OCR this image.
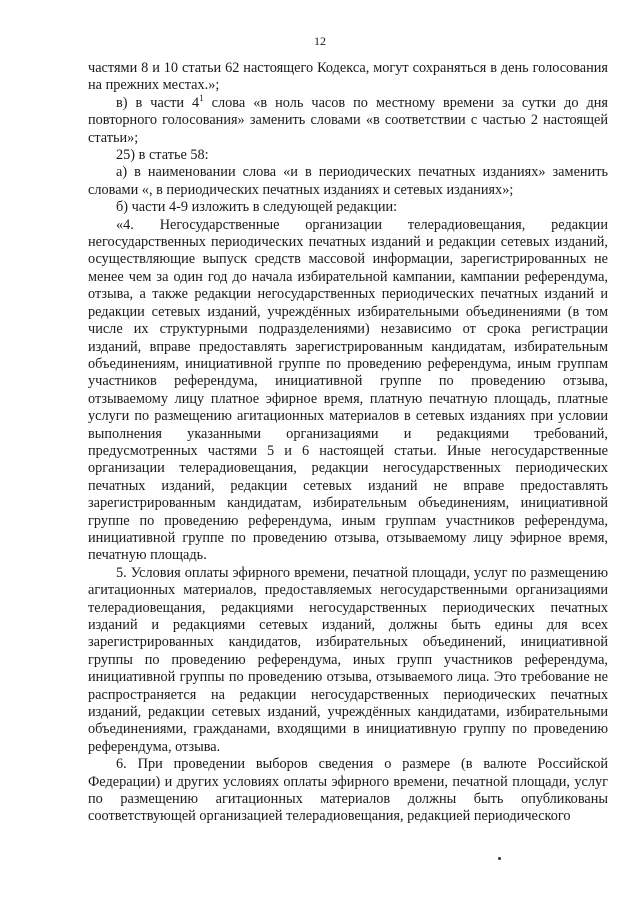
12

частями 8 и 10 статьи 62 настоящего Кодекса, могут сохраняться в день голосования на прежних местах.»;

в) в части $4^1$ слова «в ноль часов по местному времени за сутки до дня повторного голосования» заменить словами «в соответствии с частью 2 настоящей статьи»;

25) в статье 58:

а) в наименовании слова «и в периодических печатных изданиях» заменить словами «, в периодических печатных изданиях и сетевых изданиях»;

б) части 4-9 изложить в следующей редакции:

«4. Негосударственные организации телерадиовещания, редакции негосударственных периодических печатных изданий и редакции сетевых изданий, осуществляющие выпуск средств массовой информации, зарегистрированных не менее чем за один год до начала избирательной кампании, кампании референдума, отзыва, а также редакции негосударственных периодических печатных изданий и редакции сетевых изданий, учреждённых избирательными объединениями (в том числе их структурными подразделениями) независимо от срока регистрации изданий, вправе предоставлять зарегистрированным кандидатам, избирательным объединениям, инициативной группе по проведению референдума, иным группам участников референдума, инициативной группе по проведению отзыва, отзываемому лицу платное эфирное время, платную печатную площадь, платные услуги по размещению агитационных материалов в сетевых изданиях при условии выполнения указанными организациями и редакциями требований, предусмотренных частями 5 и 6 настоящей статьи. Иные негосударственные организации телерадиовещания, редакции негосударственных периодических печатных изданий, редакции сетевых изданий не вправе предоставлять зарегистрированным кандидатам, избирательным объединениям, инициативной группе по проведению референдума, иным группам участников референдума, инициативной группе по проведению отзыва, отзываемому лицу эфирное время, печатную площадь.

5. Условия оплаты эфирного времени, печатной площади, услуг по размещению агитационных материалов, предоставляемых негосударственными организациями телерадиовещания, редакциями негосударственных периодических печатных изданий и редакциями сетевых изданий, должны быть едины для всех зарегистрированных кандидатов, избирательных объединений, инициативной группы по проведению референдума, иных групп участников референдума, инициативной группы по проведению отзыва, отзываемого лица. Это требование не распространяется на редакции негосударственных периодических печатных изданий, редакции сетевых изданий, учреждённых кандидатами, избирательными объединениями, гражданами, входящими в инициативную группу по проведению референдума, отзыва.

6. При проведении выборов сведения о размере (в валюте Российской Федерации) и других условиях оплаты эфирного времени, печатной площади, услуг по размещению агитационных материалов должны быть опубликованы соответствующей организацией телерадиовещания, редакцией периодического
